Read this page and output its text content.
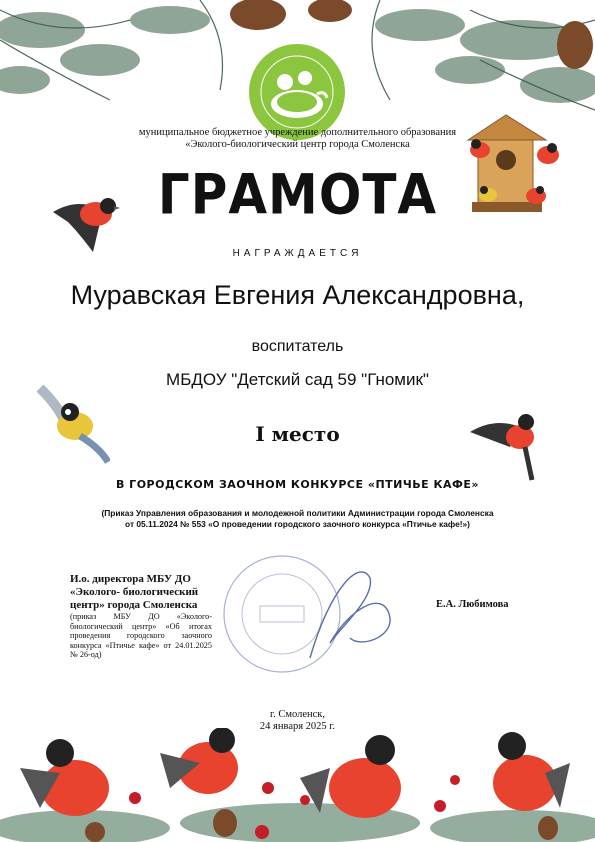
муниципальное бюджетное учреждение дополнительного образования
«Эколого-биологический центр города Смоленска
ГРАМОТА
НАГРАЖДАЕТСЯ
Муравская Евгения Александровна,
воспитатель
МБДОУ "Детский сад 59 "Гномик"
I место
В ГОРОДСКОМ ЗАОЧНОМ КОНКУРСЕ «ПТИЧЬЕ КАФЕ»
(Приказ Управления образования и молодежной политики Администрации города Смоленска
от 05.11.2024 № 553 «О проведении городского заочного конкурса «Птичье кафе!»)
И.о. директора МБУ ДО
«Эколого- биологический
центр» города Смоленска
(приказ МБУ ДО «Эколого-биологический центр» «Об итогах проведения городского заочного конкурса «Птичье кафе» от 24.01.2025 № 26-од)
Е.А. Любимова
г. Смоленск,
24 января 2025 г.
